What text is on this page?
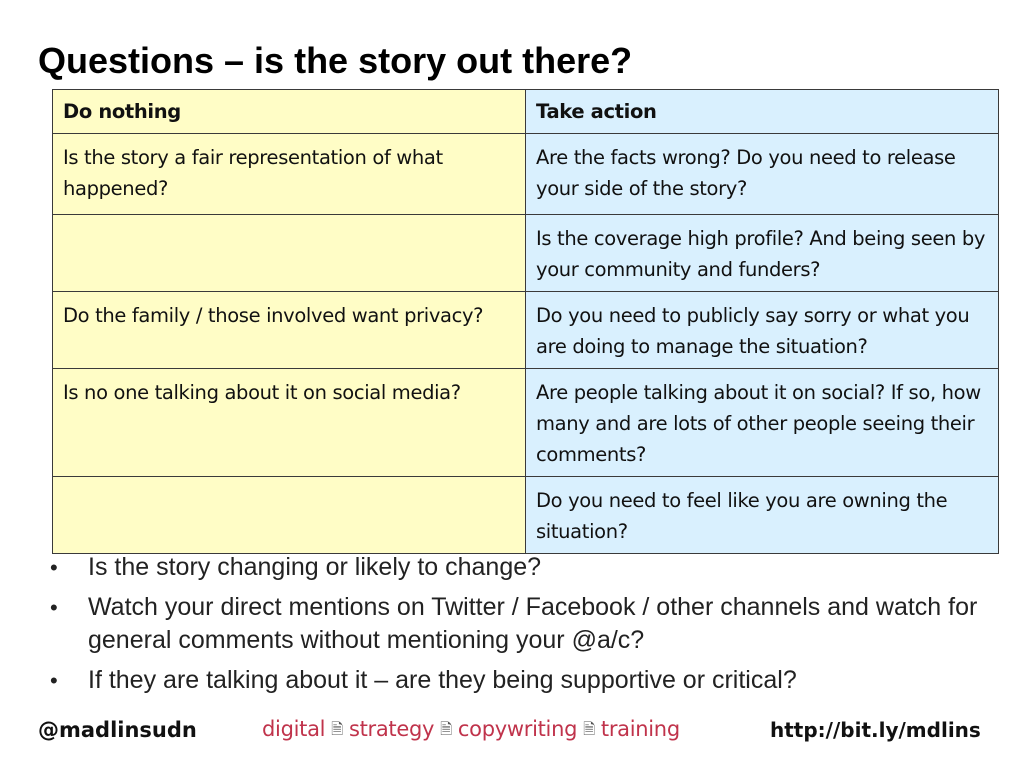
Questions – is the story out there?
Do nothing	Take action
Is the story a fair representation of what happened?	Are the facts wrong? Do you need to release your side of the story?
	Is the coverage high profile? And being seen by your community and funders?
Do the family / those involved want privacy?	Do you need to publicly say sorry or what you are doing to manage the situation?
Is no one talking about it on social media?	Are people talking about it on social? If so, how many and are lots of other people seeing their comments?
	Do you need to feel like you are owning the situation?
• Is the story changing or likely to change?
• Watch your direct mentions on Twitter / Facebook / other channels and watch for general comments without mentioning your @a/c?
• If they are talking about it – are they being supportive or critical?
@madlinsudn	digital 🗎 strategy 🗎 copywriting 🗎 training	http://bit.ly/mdlins
